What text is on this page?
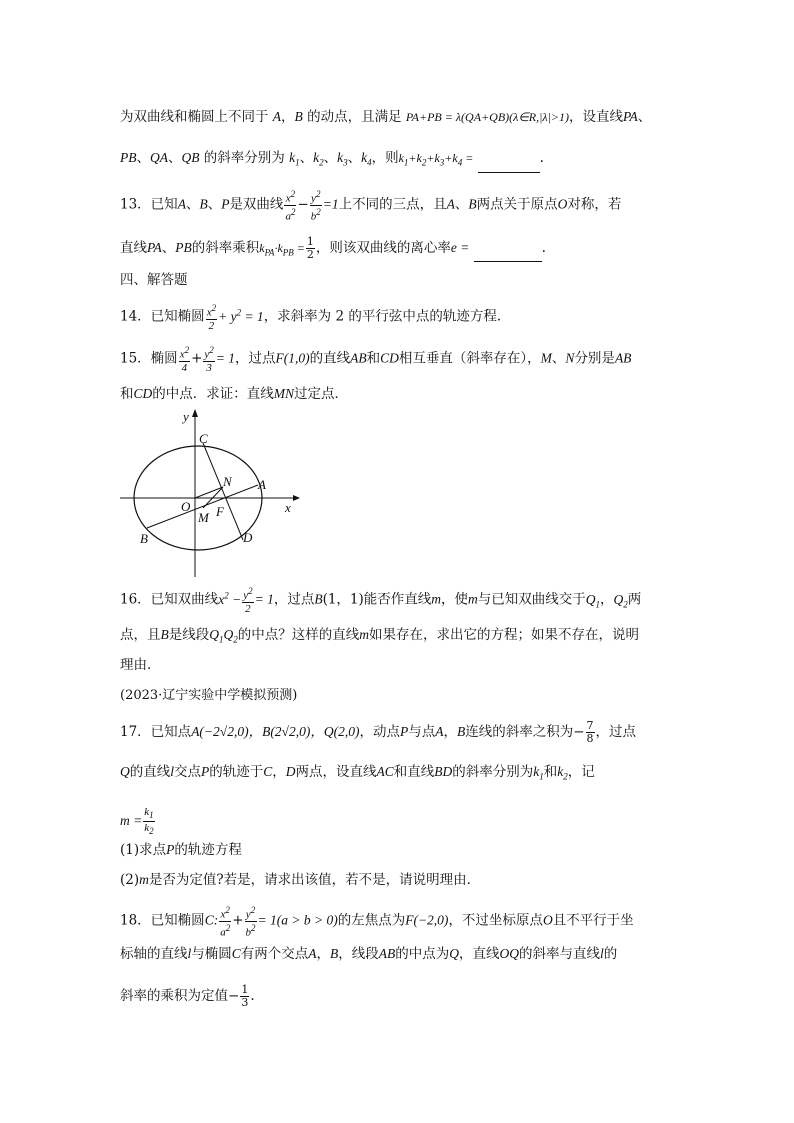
为双曲线和椭圆上不同于 A，B 的动点，且满足 PA+PB = λ(QA+QB)(λ∈R,|λ|>1)，设直线PA、
PB、QA、QB 的斜率分别为 $k_1$、$k_2$、$k_3$、$k_4$，则$k_1+k_2+k_3+k_4$ =	.
13．已知A、B、P是双曲线 $\frac{x^2}{a^2} - \frac{y^2}{b^2} =1$上不同的三点，且A、B两点关于原点O对称，若
直线PA、PB的斜率乘积$k_{PA}\cdot k_{PB} = \frac{1}{2}$ ，则该双曲线的离心率e =	.
四、解答题
14．已知椭圆 $\frac{x^2}{2} + y^2 = 1$，求斜率为 2 的平行弦中点的轨迹方程.
15．椭圆 $\frac{x^2}{4} + \frac{y^2}{3} = 1$，过点F(1,0)的直线AB和CD相互垂直（斜率存在），M、N分别是AB
和CD的中点．求证：直线MN过定点．
y
C
N A
O
M F	x
B	D
16．已知双曲线$x^2 - \frac{y^2}{2} = 1$，过点B(1，1)能否作直线m，使m与已知双曲线交于$Q_1$，$Q_2$两
点，且B是线段$Q_1Q_2$的中点？这样的直线m如果存在，求出它的方程；如果不存在，说明
理由.
(2023·辽宁实验中学模拟预测)
17．已知点A(−2√2,0)，B(2√2,0)，Q(2,0)，动点P与点A，B连线的斜率之积为− $\frac{7}{8}$ ，过点
Q的直线l交点P的轨迹于C，D两点，设直线AC和直线BD的斜率分别为$k_1$和$k_2$，记
$m = \frac{k_1}{k_2}$
(1)求点P的轨迹方程
(2)m是否为定值?若是，请求出该值，若不是，请说明理由．
18．已知椭圆C: $\frac{x^2}{a^2} + \frac{y^2}{b^2} = 1(a > b > 0)$的左焦点为F(−2,0)，不过坐标原点O且不平行于坐
标轴的直线l与椭圆C有两个交点A，B，线段AB的中点为Q，直线OQ的斜率与直线l的
斜率的乘积为定值− $\frac{1}{3}$ .
